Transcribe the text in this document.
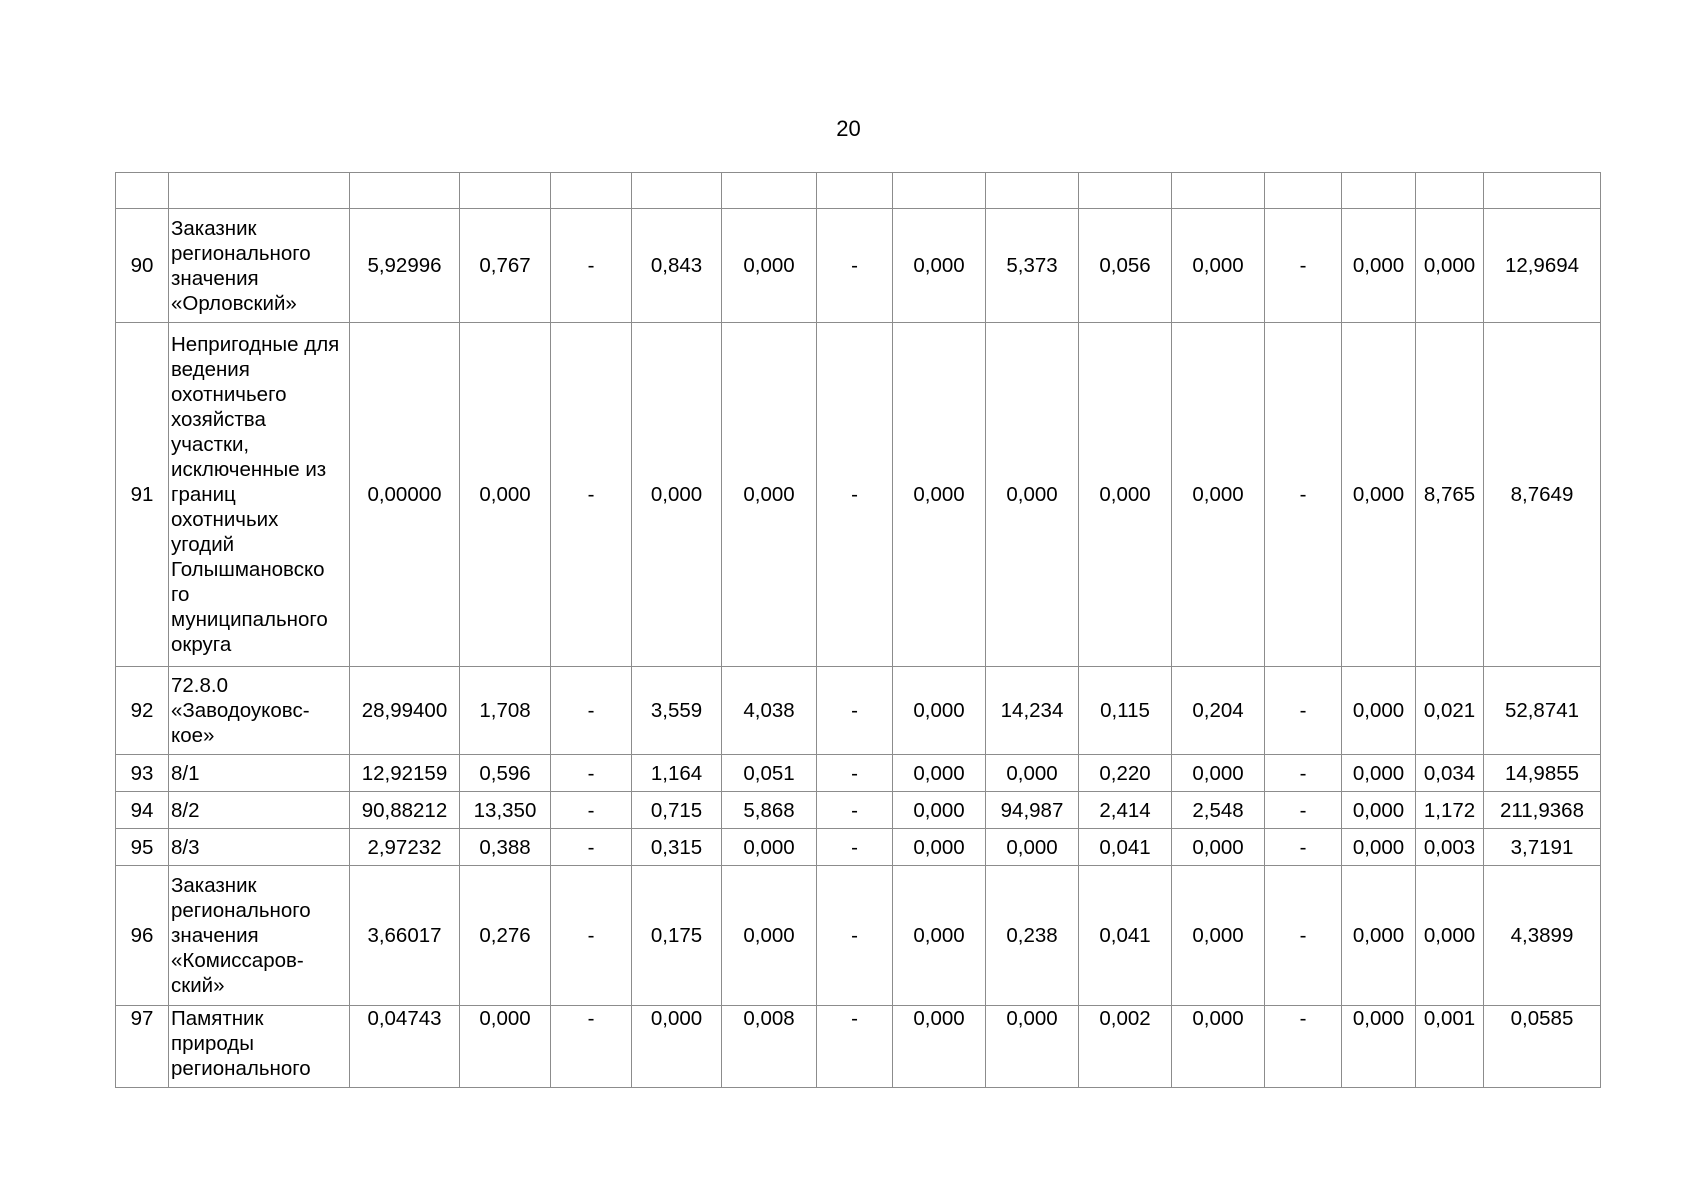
20

90	Заказник регионального значения «Орловский»	5,92996	0,767	-	0,843	0,000	-	0,000	5,373	0,056	0,000	-	0,000	0,000	12,9694
91	Непригодные для ведения охотничьего хозяйства участки, исключенные из границ охотничьих угодий Голышмановско го муниципального округа	0,00000	0,000	-	0,000	0,000	-	0,000	0,000	0,000	0,000	-	0,000	8,765	8,7649
92	72.8.0 «Заводоуковс-кое»	28,99400	1,708	-	3,559	4,038	-	0,000	14,234	0,115	0,204	-	0,000	0,021	52,8741
93	8/1	12,92159	0,596	-	1,164	0,051	-	0,000	0,000	0,220	0,000	-	0,000	0,034	14,9855
94	8/2	90,88212	13,350	-	0,715	5,868	-	0,000	94,987	2,414	2,548	-	0,000	1,172	211,9368
95	8/3	2,97232	0,388	-	0,315	0,000	-	0,000	0,000	0,041	0,000	-	0,000	0,003	3,7191
96	Заказник регионального значения «Комиссаров-ский»	3,66017	0,276	-	0,175	0,000	-	0,000	0,238	0,041	0,000	-	0,000	0,000	4,3899
97	Памятник природы регионального	0,04743	0,000	-	0,000	0,008	-	0,000	0,000	0,002	0,000	-	0,000	0,001	0,0585
